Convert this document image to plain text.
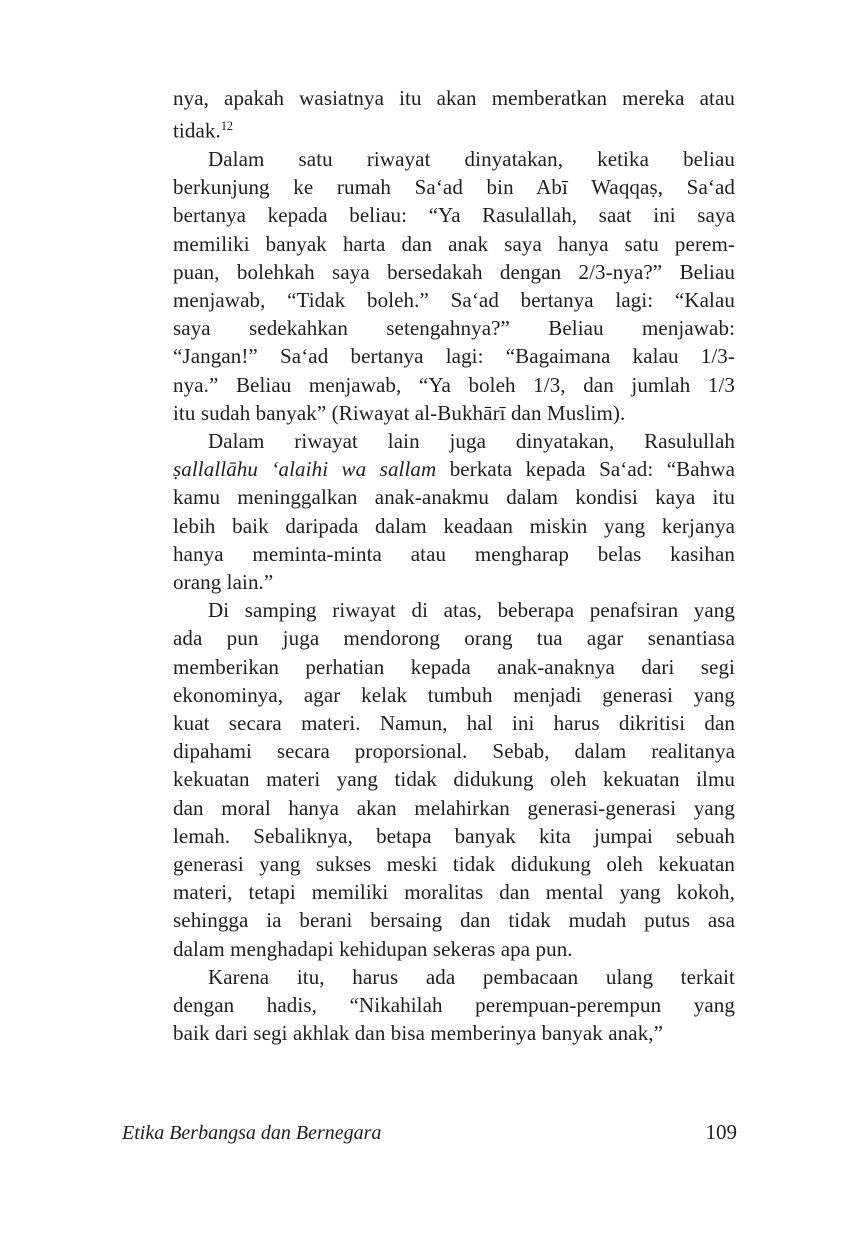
nya, apakah wasiatnya itu akan memberatkan mereka atau
tidak.$^{12}$
Dalam satu riwayat dinyatakan, ketika beliau
berkunjung ke rumah Sa‘ad bin Abī Waqqaṣ, Sa‘ad
bertanya kepada beliau: “Ya Rasulallah, saat ini saya
memiliki banyak harta dan anak saya hanya satu perem-
puan, bolehkah saya bersedakah dengan 2/3-nya?” Beliau
menjawab, “Tidak boleh.” Sa‘ad bertanya lagi: “Kalau
saya sedekahkan setengahnya?” Beliau menjawab:
“Jangan!” Sa‘ad bertanya lagi: “Bagaimana kalau 1/3-
nya.” Beliau menjawab, “Ya boleh 1/3, dan jumlah 1/3
itu sudah banyak” (Riwayat al-Bukhārī dan Muslim).
Dalam riwayat lain juga dinyatakan, Rasulullah
ṣallallāhu ‘alaihi wa sallam berkata kepada Sa‘ad: “Bahwa
kamu meninggalkan anak-anakmu dalam kondisi kaya itu
lebih baik daripada dalam keadaan miskin yang kerjanya
hanya meminta-minta atau mengharap belas kasihan
orang lain.”
Di samping riwayat di atas, beberapa penafsiran yang
ada pun juga mendorong orang tua agar senantiasa
memberikan perhatian kepada anak-anaknya dari segi
ekonominya, agar kelak tumbuh menjadi generasi yang
kuat secara materi. Namun, hal ini harus dikritisi dan
dipahami secara proporsional. Sebab, dalam realitanya
kekuatan materi yang tidak didukung oleh kekuatan ilmu
dan moral hanya akan melahirkan generasi-generasi yang
lemah. Sebaliknya, betapa banyak kita jumpai sebuah
generasi yang sukses meski tidak didukung oleh kekuatan
materi, tetapi memiliki moralitas dan mental yang kokoh,
sehingga ia berani bersaing dan tidak mudah putus asa
dalam menghadapi kehidupan sekeras apa pun.
Karena itu, harus ada pembacaan ulang terkait
dengan hadis, “Nikahilah perempuan-perempun yang
baik dari segi akhlak dan bisa memberinya banyak anak,”
Etika Berbangsa dan Bernegara	109
